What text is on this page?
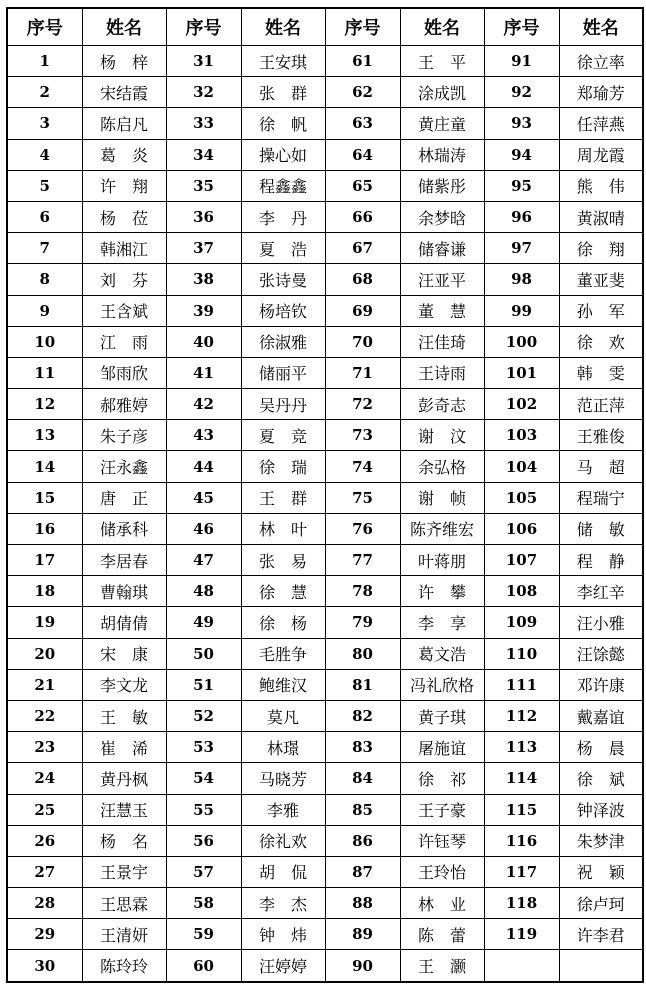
序号	姓名	序号	姓名	序号	姓名	序号	姓名
1	杨　梓	31	王安琪	61	王　平	91	徐立率
2	宋结霞	32	张　群	62	涂成凯	92	郑瑜芳
3	陈启凡	33	徐　帆	63	黄庄童	93	任萍燕
4	葛　炎	34	操心如	64	林瑞涛	94	周龙霞
5	许　翔	35	程鑫鑫	65	储紫彤	95	熊　伟
6	杨　莅	36	李　丹	66	余梦晗	96	黄淑晴
7	韩湘江	37	夏　浩	67	储睿谦	97	徐　翔
8	刘　芬	38	张诗曼	68	汪亚平	98	董亚斐
9	王含斌	39	杨培钦	69	董　慧	99	孙　军
10	江　雨	40	徐淑雅	70	汪佳琦	100	徐　欢
11	邹雨欣	41	储丽平	71	王诗雨	101	韩　雯
12	郝雅婷	42	吴丹丹	72	彭奇志	102	范正萍
13	朱子彦	43	夏　竞	73	谢　汶	103	王雅俊
14	汪永鑫	44	徐　瑞	74	余弘格	104	马　超
15	唐　正	45	王　群	75	谢　帧	105	程瑞宁
16	储承科	46	林　叶	76	陈齐维宏	106	储　敏
17	李居春	47	张　易	77	叶蒋朋	107	程　静
18	曹翰琪	48	徐　慧	78	许　攀	108	李红辛
19	胡倩倩	49	徐　杨	79	李　享	109	汪小雅
20	宋　康	50	毛胜争	80	葛文浩	110	汪馀懿
21	李文龙	51	鲍维汉	81	冯礼欣格	111	邓许康
22	王　敏	52	莫凡	82	黄子琪	112	戴嘉谊
23	崔　浠	53	林璟	83	屠施谊	113	杨　晨
24	黄丹枫	54	马晓芳	84	徐　祁	114	徐　斌
25	汪慧玉	55	李雅	85	王子豪	115	钟泽波
26	杨　名	56	徐礼欢	86	许钰琴	116	朱梦津
27	王景宇	57	胡　侃	87	王玲怡	117	祝　颖
28	王思霖	58	李　杰	88	林　业	118	徐卢珂
29	王清妍	59	钟　炜	89	陈　蕾	119	许李君
30	陈玲玲	60	汪婷婷	90	王　灏		
